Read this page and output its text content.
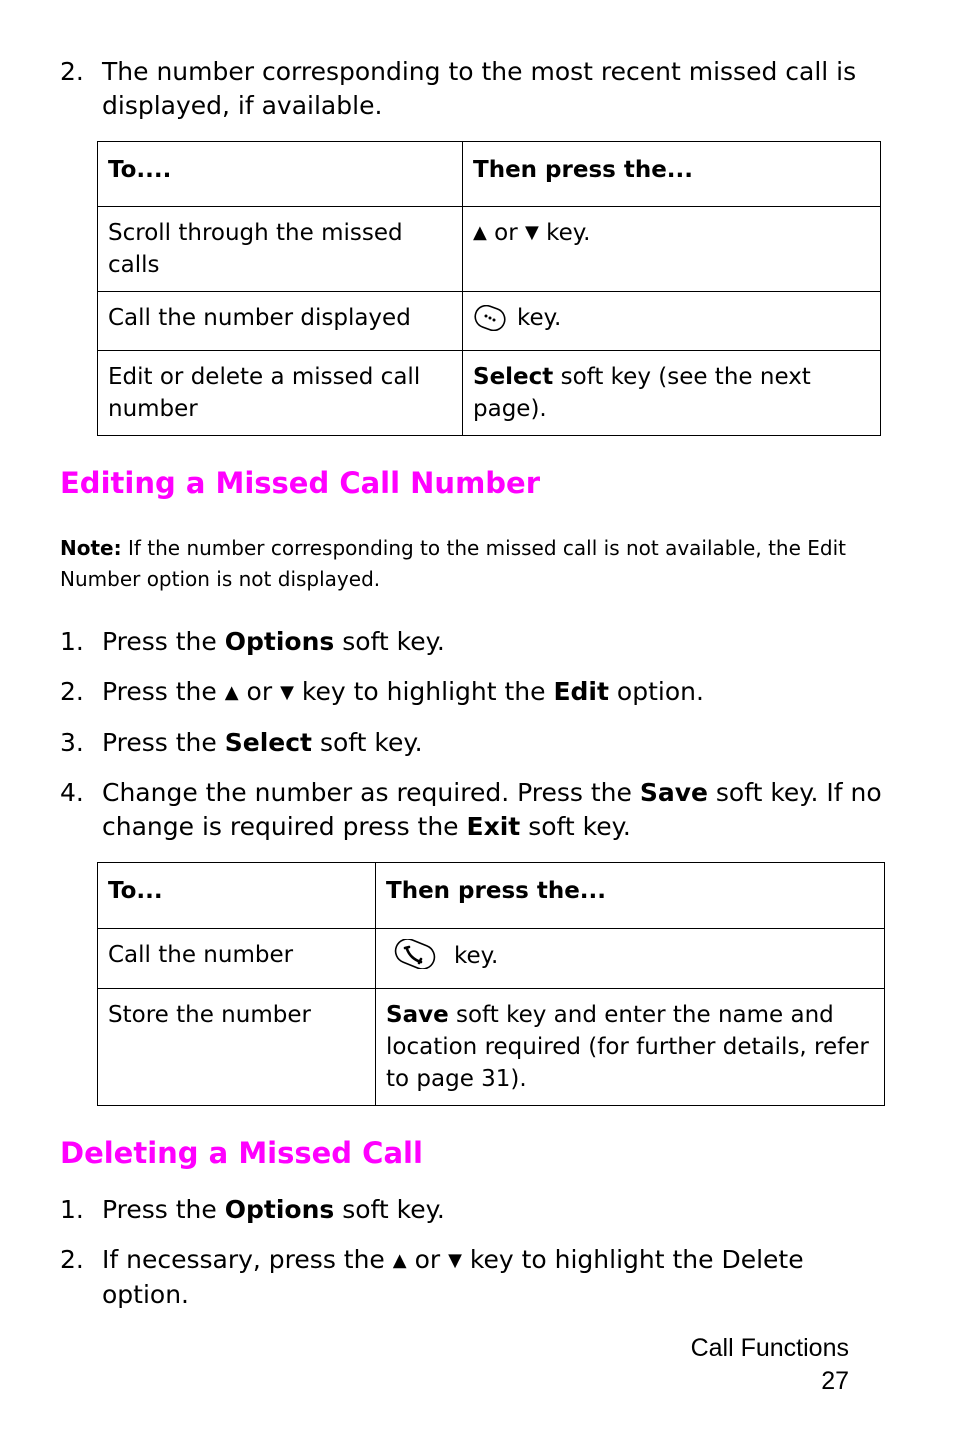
2. The number corresponding to the most recent missed call is displayed, if available.
To....	Then press the...
Scroll through the missed calls	▲ or ▼ key.
Call the number displayed	key.
Edit or delete a missed call number	Select soft key (see the next page).
Editing a Missed Call Number
Note: If the number corresponding to the missed call is not available, the Edit Number option is not displayed.
1. Press the Options soft key.
2. Press the ▲ or ▼ key to highlight the Edit option.
3. Press the Select soft key.
4. Change the number as required. Press the Save soft key. If no change is required press the Exit soft key.
To...	Then press the...
Call the number	key.
Store the number	Save soft key and enter the name and location required (for further details, refer to page 31).
Deleting a Missed Call
1. Press the Options soft key.
2. If necessary, press the ▲ or ▼ key to highlight the Delete option.
Call Functions
27
